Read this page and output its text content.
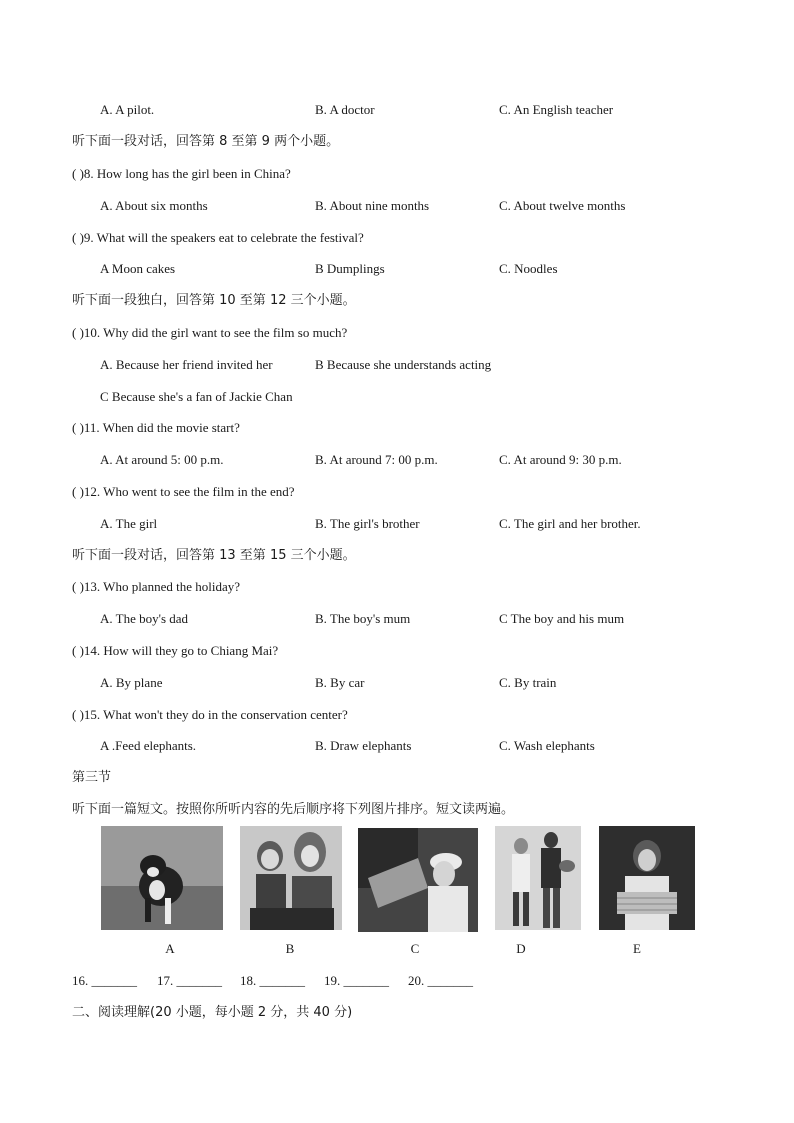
A. A pilot.	B. A doctor	C. An English teacher
听下面一段对话，回答第 8 至第 9 两个小题。
( )8. How long has the girl been in China?
A. About six months	B. About nine months	C. About twelve months
( )9. What will the speakers eat to celebrate the festival?
A Moon cakes	B Dumplings	C. Noodles
听下面一段独白，回答第 10 至第 12 三个小题。
( )10. Why did the girl want to see the film so much?
A. Because her friend invited her	B Because she understands acting
C Because she's a fan of Jackie Chan
( )11. When did the movie start?
A. At around 5: 00 p.m.	B. At around 7: 00 p.m.	C. At around 9: 30 p.m.
( )12. Who went to see the film in the end?
A. The girl	B. The girl's brother	C. The girl and her brother.
听下面一段对话，回答第 13 至第 15 三个小题。
( )13. Who planned the holiday?
A. The boy's dad	B. The boy's mum	C The boy and his mum
( )14. How will they go to Chiang Mai?
A. By plane	B. By car	C. By train
( )15. What won't they do in the conservation center?
A .Feed elephants.	B. Draw elephants	C. Wash elephants
第三节
听下面一篇短文。按照你所听内容的先后顺序将下列图片排序。短文读两遍。
A	B	C	D	E
16. _______ 17. _______ 18. _______ 19. _______ 20. _______
二、阅读理解(20 小题，每小题 2 分，共 40 分)
